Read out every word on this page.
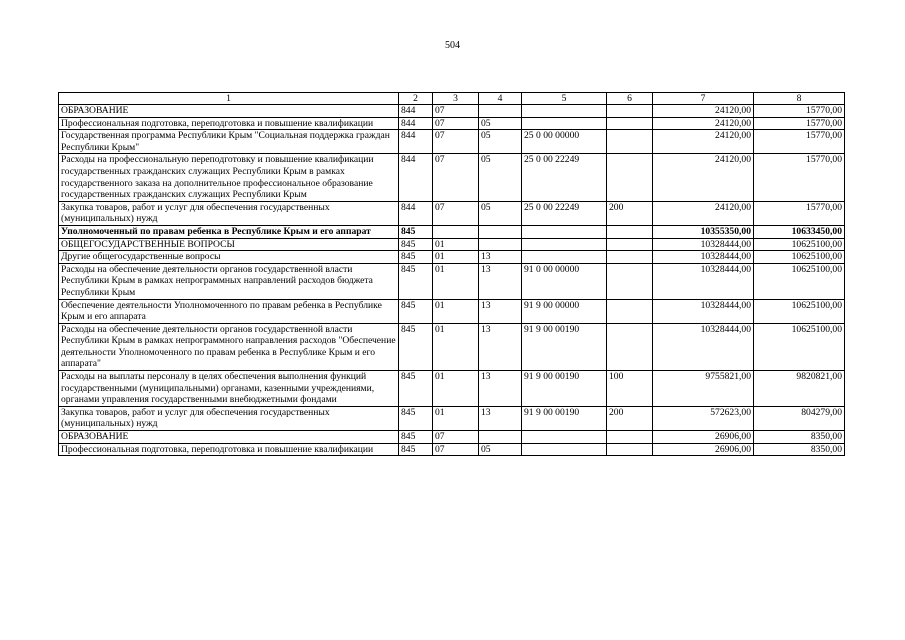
504
1	2	3	4	5	6	7	8
ОБРАЗОВАНИЕ	844	07				24120,00	15770,00
Профессиональная подготовка, переподготовка и повышение квалификации	844	07	05			24120,00	15770,00
Государственная программа Республики Крым "Социальная поддержка граждан Республики Крым"	844	07	05	25 0 00 00000		24120,00	15770,00
Расходы на профессиональную переподготовку и повышение квалификации государственных гражданских служащих Республики Крым в рамках государственного заказа на дополнительное профессиональное образование государственных гражданских служащих Республики Крым	844	07	05	25 0 00 22249		24120,00	15770,00
Закупка товаров, работ и услуг для обеспечения государственных (муниципальных) нужд	844	07	05	25 0 00 22249	200	24120,00	15770,00
Уполномоченный по правам ребенка в Республике Крым и его аппарат	845					10355350,00	10633450,00
ОБЩЕГОСУДАРСТВЕННЫЕ ВОПРОСЫ	845	01				10328444,00	10625100,00
Другие общегосударственные вопросы	845	01	13			10328444,00	10625100,00
Расходы на обеспечение деятельности органов государственной власти Республики Крым в рамках непрограммных направлений расходов бюджета Республики Крым	845	01	13	91 0 00 00000		10328444,00	10625100,00
Обеспечение деятельности Уполномоченного по правам ребенка в Республике Крым и его аппарата	845	01	13	91 9 00 00000		10328444,00	10625100,00
Расходы на обеспечение деятельности органов государственной власти Республики Крым в рамках непрограммного направления расходов "Обеспечение деятельности Уполномоченного по правам ребенка в Республике Крым и его аппарата"	845	01	13	91 9 00 00190		10328444,00	10625100,00
Расходы на выплаты персоналу в целях обеспечения выполнения функций государственными (муниципальными) органами, казенными учреждениями, органами управления государственными внебюджетными фондами	845	01	13	91 9 00 00190	100	9755821,00	9820821,00
Закупка товаров, работ и услуг для обеспечения государственных (муниципальных) нужд	845	01	13	91 9 00 00190	200	572623,00	804279,00
ОБРАЗОВАНИЕ	845	07				26906,00	8350,00
Профессиональная подготовка, переподготовка и повышение квалификации	845	07	05			26906,00	8350,00
